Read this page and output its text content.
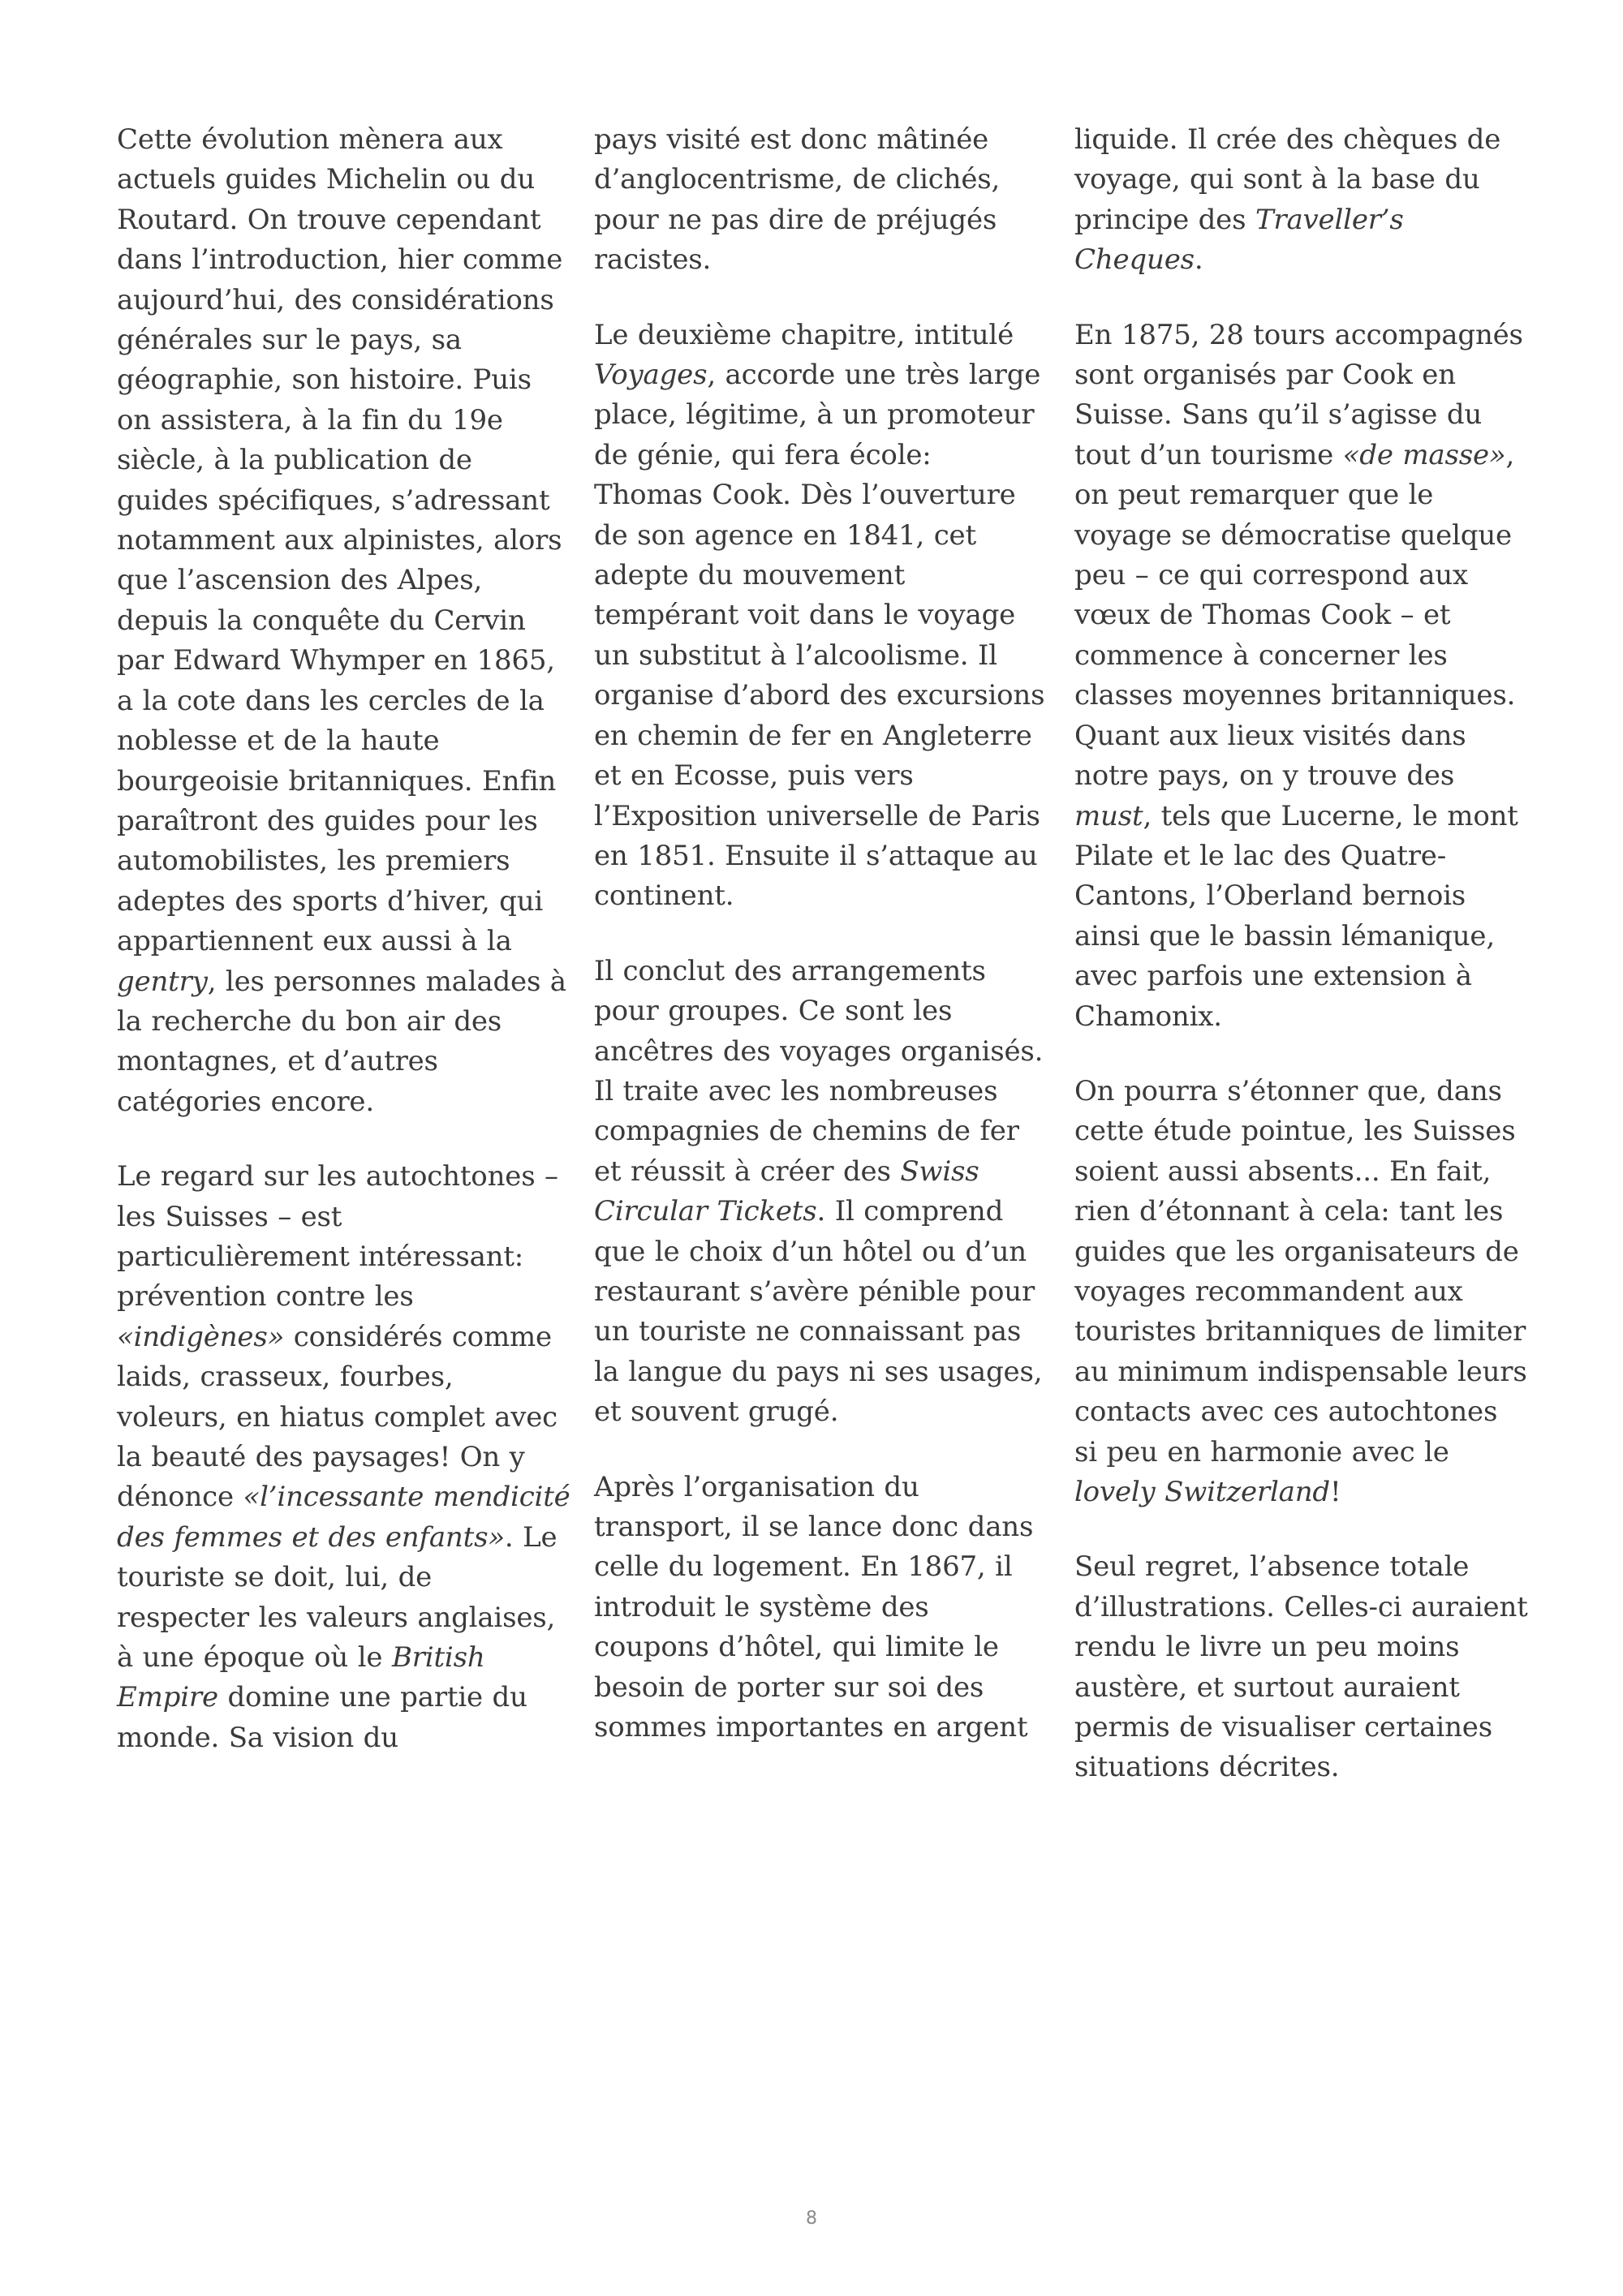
Cette évolution mènera aux actuels guides Michelin ou du Routard. On trouve cependant dans l’introduction, hier comme aujourd’hui, des considérations générales sur le pays, sa géographie, son histoire. Puis on assistera, à la fin du 19e siècle, à la publication de guides spécifiques, s’adressant notamment aux alpinistes, alors que l’ascension des Alpes, depuis la conquête du Cervin par Edward Whymper en 1865, a la cote dans les cercles de la noblesse et de la haute bourgeoisie britanniques. Enfin paraîtront des guides pour les automobilistes, les premiers adeptes des sports d’hiver, qui appartiennent eux aussi à la gentry, les personnes malades à la recherche du bon air des montagnes, et d’autres catégories encore.

Le regard sur les autochtones – les Suisses – est particulièrement intéressant: prévention contre les «indigènes» considérés comme laids, crasseux, fourbes, voleurs, en hiatus complet avec la beauté des paysages! On y dénonce «l’incessante mendicité des femmes et des enfants». Le touriste se doit, lui, de respecter les valeurs anglaises, à une époque où le British Empire domine une partie du monde. Sa vision du

pays visité est donc mâtinée d’anglocentrisme, de clichés, pour ne pas dire de préjugés racistes.

Le deuxième chapitre, intitulé Voyages, accorde une très large place, légitime, à un promoteur de génie, qui fera école: Thomas Cook. Dès l’ouverture de son agence en 1841, cet adepte du mouvement tempérant voit dans le voyage un substitut à l’alcoolisme. Il organise d’abord des excursions en chemin de fer en Angleterre et en Ecosse, puis vers l’Exposition universelle de Paris en 1851. Ensuite il s’attaque au continent.

Il conclut des arrangements pour groupes. Ce sont les ancêtres des voyages organisés. Il traite avec les nombreuses compagnies de chemins de fer et réussit à créer des Swiss Circular Tickets. Il comprend que le choix d’un hôtel ou d’un restaurant s’avère pénible pour un touriste ne connaissant pas la langue du pays ni ses usages, et souvent grugé.

Après l’organisation du transport, il se lance donc dans celle du logement. En 1867, il introduit le système des coupons d’hôtel, qui limite le besoin de porter sur soi des sommes importantes en argent

liquide. Il crée des chèques de voyage, qui sont à la base du principe des Traveller’s Cheques.

En 1875, 28 tours accompagnés sont organisés par Cook en Suisse. Sans qu’il s’agisse du tout d’un tourisme «de masse», on peut remarquer que le voyage se démocratise quelque peu – ce qui correspond aux vœux de Thomas Cook – et commence à concerner les classes moyennes britanniques. Quant aux lieux visités dans notre pays, on y trouve des must, tels que Lucerne, le mont Pilate et le lac des Quatre-Cantons, l’Oberland bernois ainsi que le bassin lémanique, avec parfois une extension à Chamonix.

On pourra s’étonner que, dans cette étude pointue, les Suisses soient aussi absents... En fait, rien d’étonnant à cela: tant les guides que les organisateurs de voyages recommandent aux touristes britanniques de limiter au minimum indispensable leurs contacts avec ces autochtones si peu en harmonie avec le lovely Switzerland!

Seul regret, l’absence totale d’illustrations. Celles-ci auraient rendu le livre un peu moins austère, et surtout auraient permis de visualiser certaines situations décrites.

8
